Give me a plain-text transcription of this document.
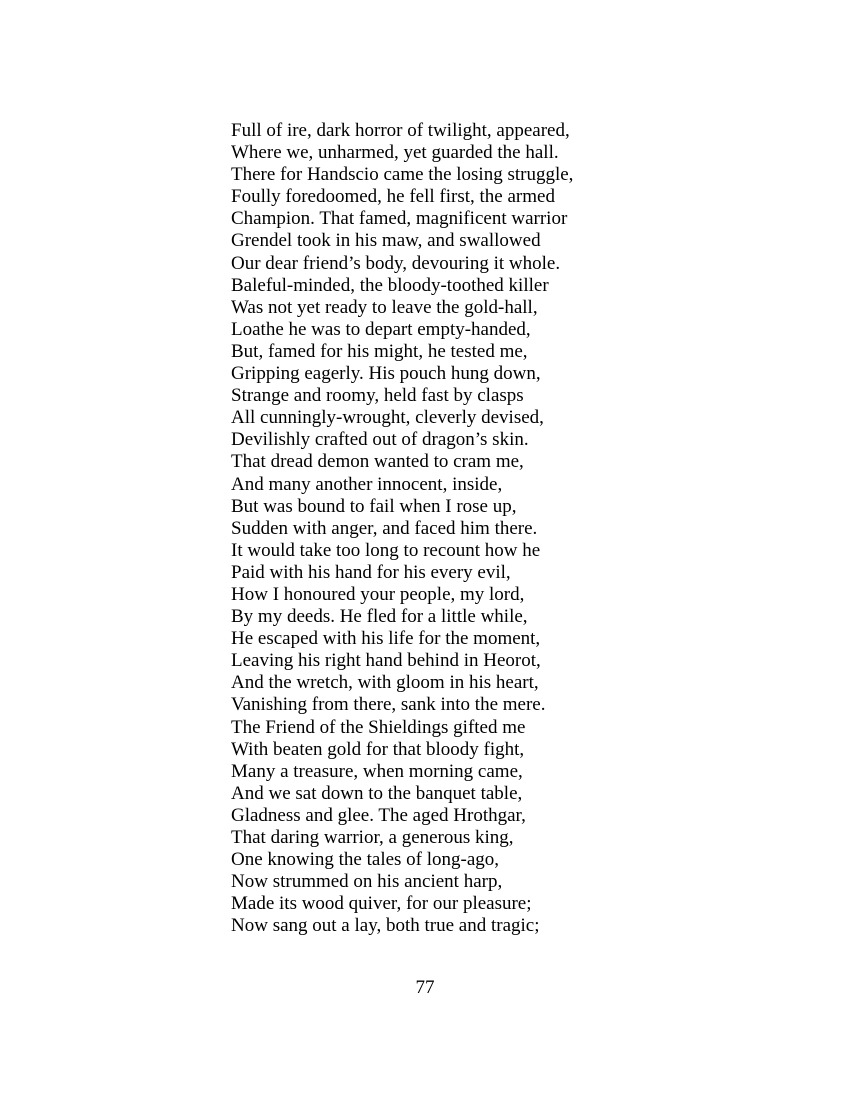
Full of ire, dark horror of twilight, appeared,
Where we, unharmed, yet guarded the hall.
There for Handscio came the losing struggle,
Foully foredoomed, he fell first, the armed
Champion. That famed, magnificent warrior
Grendel took in his maw, and swallowed
Our dear friend’s body, devouring it whole.
Baleful-minded, the bloody-toothed killer
Was not yet ready to leave the gold-hall,
Loathe he was to depart empty-handed,
But, famed for his might, he tested me,
Gripping eagerly. His pouch hung down,
Strange and roomy, held fast by clasps
All cunningly-wrought, cleverly devised,
Devilishly crafted out of dragon’s skin.
That dread demon wanted to cram me,
And many another innocent, inside,
But was bound to fail when I rose up,
Sudden with anger, and faced him there.
It would take too long to recount how he
Paid with his hand for his every evil,
How I honoured your people, my lord,
By my deeds. He fled for a little while,
He escaped with his life for the moment,
Leaving his right hand behind in Heorot,
And the wretch, with gloom in his heart,
Vanishing from there, sank into the mere.
The Friend of the Shieldings gifted me
With beaten gold for that bloody fight,
Many a treasure, when morning came,
And we sat down to the banquet table,
Gladness and glee. The aged Hrothgar,
That daring warrior, a generous king,
One knowing the tales of long-ago,
Now strummed on his ancient harp,
Made its wood quiver, for our pleasure;
Now sang out a lay, both true and tragic;
77
